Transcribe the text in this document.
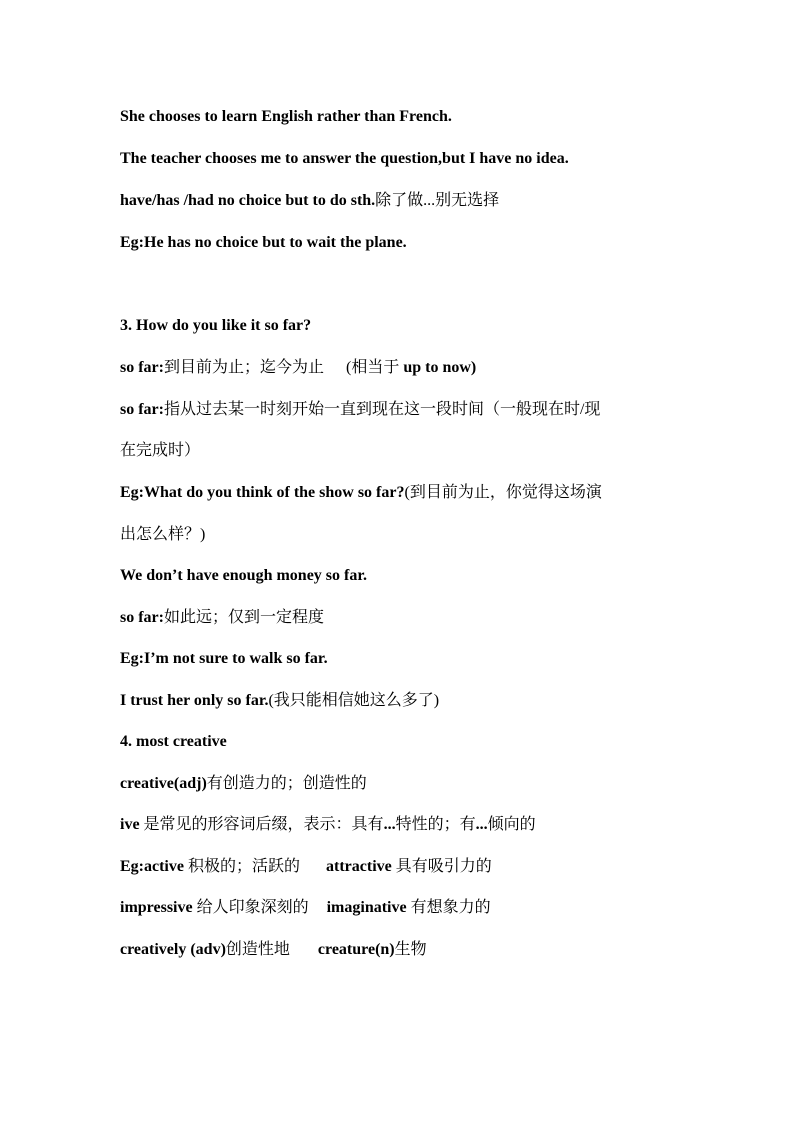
She chooses to learn English rather than French.
The teacher chooses me to answer the question,but I have no idea.
have/has /had no choice but to do sth.除了做...别无选择
Eg:He has no choice but to wait the plane.
3. How do you like it so far?
so far:到目前为止；迄今为止 (相当于 up to now)
so far:指从过去某一时刻开始一直到现在这一段时间（一般现在时/现
在完成时）
Eg:What do you think of the show so far?(到目前为止，你觉得这场演
出怎么样？)
We don’t have enough money so far.
so far:如此远；仅到一定程度
Eg:I’m not sure to walk so far.
I trust her only so far.(我只能相信她这么多了)
4. most creative
creative(adj)有创造力的；创造性的
ive 是常见的形容词后缀，表示：具有...特性的；有...倾向的
Eg:active 积极的；活跃的 attractive 具有吸引力的
impressive 给人印象深刻的 imaginative 有想象力的
creatively (adv)创造性地 creature(n)生物
